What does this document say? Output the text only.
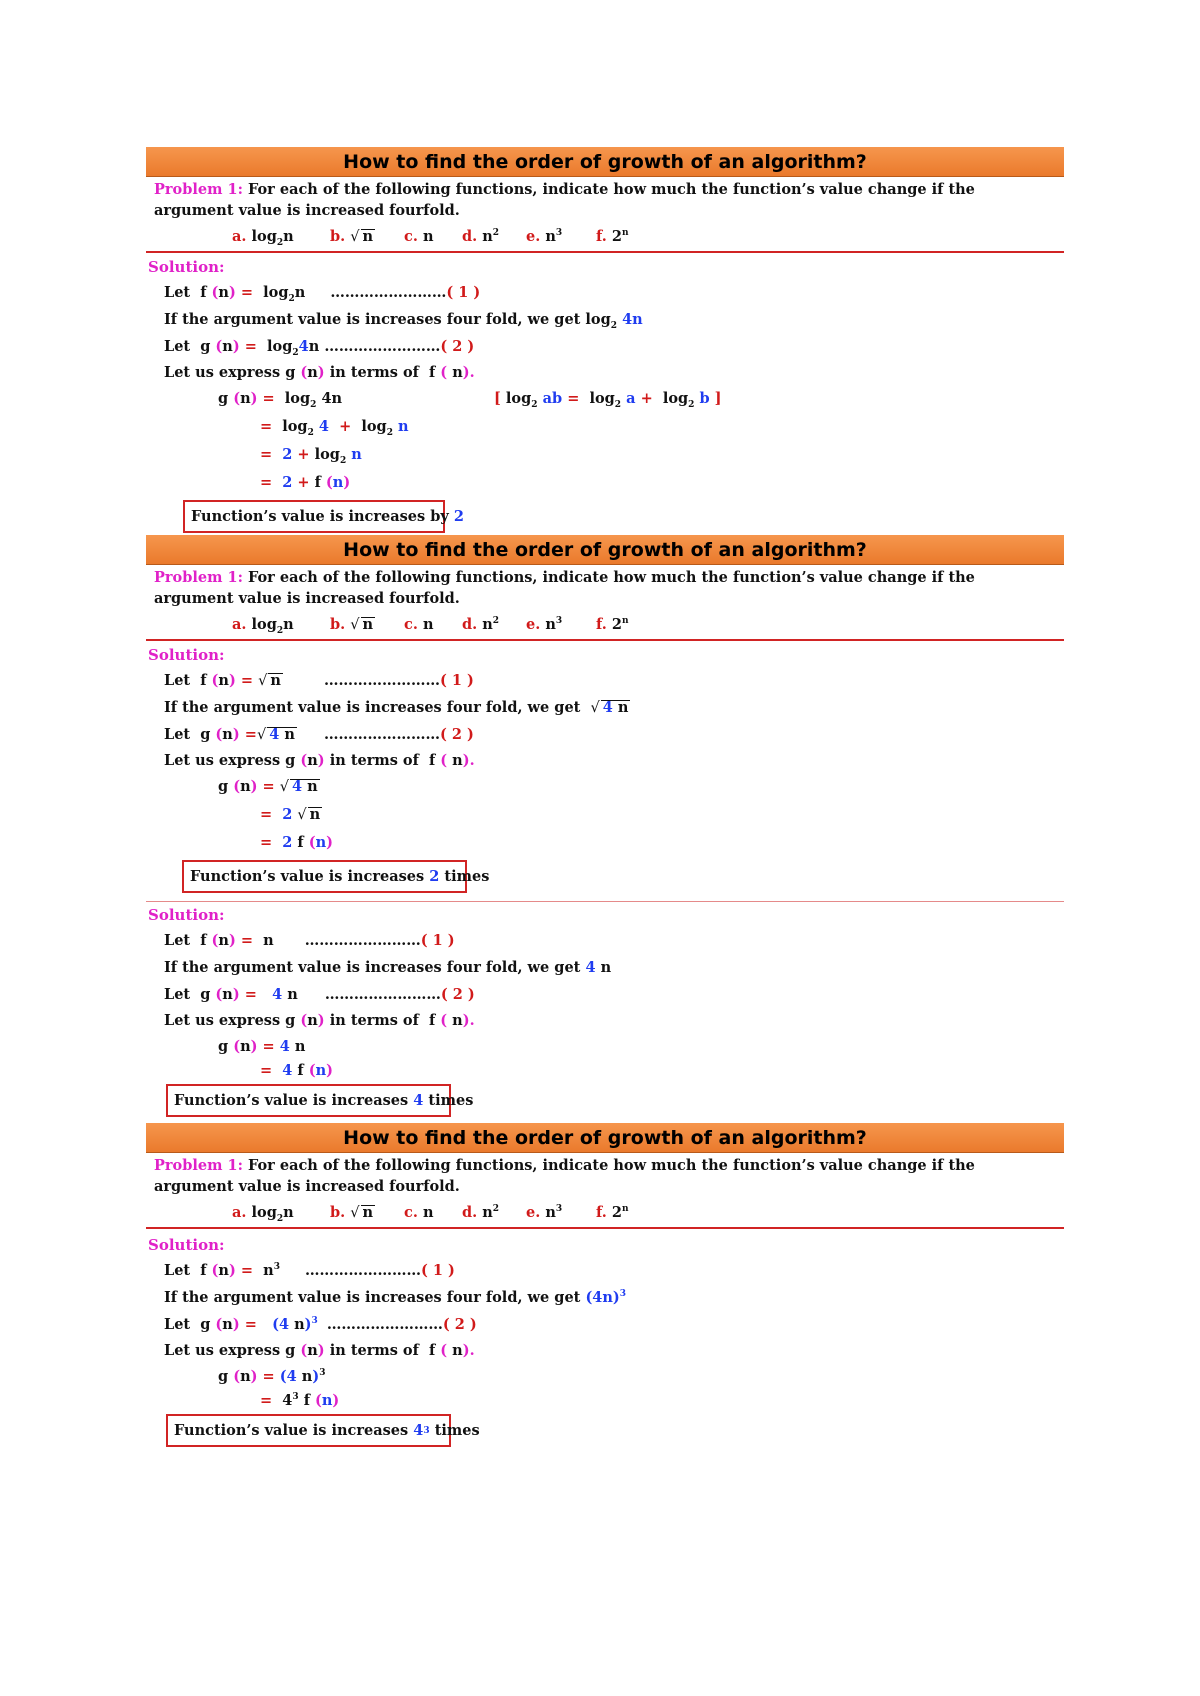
How to find the order of growth of an algorithm?
Problem 1: For each of the following functions, indicate how much the function’s value change if the argument value is increased fourfold.
a. $\log_2n$	b. √ n c. n d. $n^2$ e. $n^3$ f. 2$^n$
Solution:
Let f $(n) = \log_2n$ ……………………( 1 )
If the argument value is increases four fold, we get $\log_2 4n$
Let g $(n) = \log_24n$ ……………………( 2 )
Let us express g (n) in terms of f ( n).
g $(n) = \log_2 4n$	[ $\log_2$ ab =  $\log_2 a + \log_2 b$ ]
=  $\log_2 4 + \log_2 n$
= $2 + \log_2 n$
= 2 + f (n)
Function’s value is increases by
2
How to find the order of growth of an algorithm?
Problem 1: For each of the following functions, indicate how much the function’s value change if the argument value is increased fourfold.
a. $\log_2n$	b. √ n c. n d. $n^2$ e. $n^3$ f. 2$^n$
Solution:
Let  f (n) = √ n	……………………( 1 )
If the argument value is increases four fold, we get √ 4 n
Let  g (n) =√ 4 n ……………………( 2 )
Let us express g (n) in terms of  f ( n).
g (n) = √ 4 n
= 2 √ n
= 2 f (n)
Function’s value is increases
2
times
Solution:
Let  f (n) = n ……………………( 1 )
If the argument value is increases four fold, we get 4 n
Let  g (n) = 4 n ……………………( 2 )
Let us express g (n) in terms of  f ( n).
g (n) = 4 n
= 4 f (n)
Function’s value is increases
4
times
How to find the order of growth of an algorithm?
Problem 1: For each of the following functions, indicate how much the function’s value change if the argument value is increased fourfold.
a. $\log_2n$	b. √ n c. n d. $n^2$ e. $n^3$ f. 2$^n$
Solution:
Let  f $(n) = n^3$ ……………………( 1 )
If the argument value is increases four fold, we get $(4n)^3$
Let  g (n) = (4 n)$^3$ ……………………( 2 )
Let us express g (n) in terms of  f ( n).
g (n) = (4 n)$^3$
= $4^3$ f (n)
Function’s value is increases
4 3
times
